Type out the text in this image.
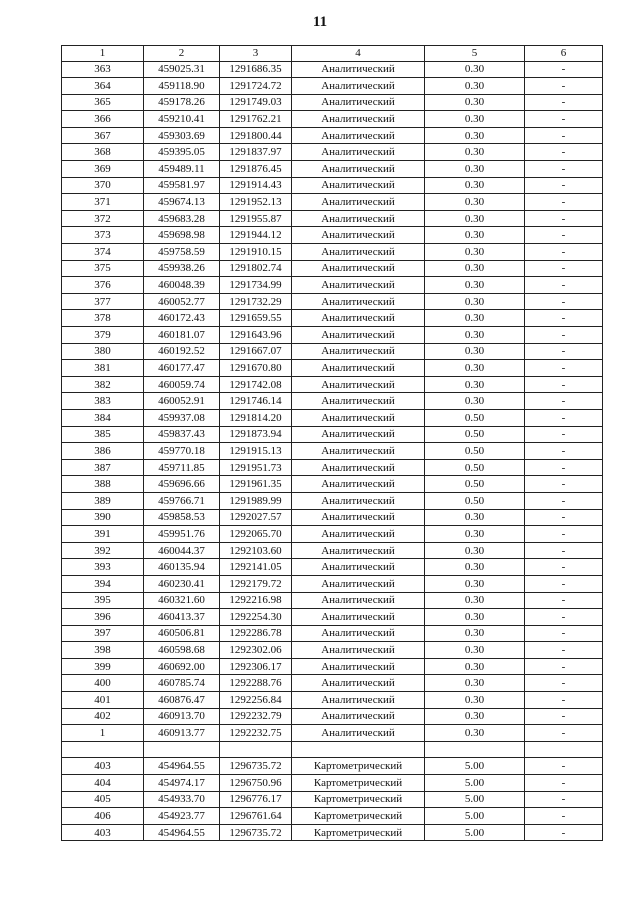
11
1	2	3	4	5	6
363	459025.31	1291686.35	Аналитический	0.30	-
364	459118.90	1291724.72	Аналитический	0.30	-
365	459178.26	1291749.03	Аналитический	0.30	-
366	459210.41	1291762.21	Аналитический	0.30	-
367	459303.69	1291800.44	Аналитический	0.30	-
368	459395.05	1291837.97	Аналитический	0.30	-
369	459489.11	1291876.45	Аналитический	0.30	-
370	459581.97	1291914.43	Аналитический	0.30	-
371	459674.13	1291952.13	Аналитический	0.30	-
372	459683.28	1291955.87	Аналитический	0.30	-
373	459698.98	1291944.12	Аналитический	0.30	-
374	459758.59	1291910.15	Аналитический	0.30	-
375	459938.26	1291802.74	Аналитический	0.30	-
376	460048.39	1291734.99	Аналитический	0.30	-
377	460052.77	1291732.29	Аналитический	0.30	-
378	460172.43	1291659.55	Аналитический	0.30	-
379	460181.07	1291643.96	Аналитический	0.30	-
380	460192.52	1291667.07	Аналитический	0.30	-
381	460177.47	1291670.80	Аналитический	0.30	-
382	460059.74	1291742.08	Аналитический	0.30	-
383	460052.91	1291746.14	Аналитический	0.30	-
384	459937.08	1291814.20	Аналитический	0.50	-
385	459837.43	1291873.94	Аналитический	0.50	-
386	459770.18	1291915.13	Аналитический	0.50	-
387	459711.85	1291951.73	Аналитический	0.50	-
388	459696.66	1291961.35	Аналитический	0.50	-
389	459766.71	1291989.99	Аналитический	0.50	-
390	459858.53	1292027.57	Аналитический	0.30	-
391	459951.76	1292065.70	Аналитический	0.30	-
392	460044.37	1292103.60	Аналитический	0.30	-
393	460135.94	1292141.05	Аналитический	0.30	-
394	460230.41	1292179.72	Аналитический	0.30	-
395	460321.60	1292216.98	Аналитический	0.30	-
396	460413.37	1292254.30	Аналитический	0.30	-
397	460506.81	1292286.78	Аналитический	0.30	-
398	460598.68	1292302.06	Аналитический	0.30	-
399	460692.00	1292306.17	Аналитический	0.30	-
400	460785.74	1292288.76	Аналитический	0.30	-
401	460876.47	1292256.84	Аналитический	0.30	-
402	460913.70	1292232.79	Аналитический	0.30	-
1	460913.77	1292232.75	Аналитический	0.30	-

403	454964.55	1296735.72	Картометрический	5.00	-
404	454974.17	1296750.96	Картометрический	5.00	-
405	454933.70	1296776.17	Картометрический	5.00	-
406	454923.77	1296761.64	Картометрический	5.00	-
403	454964.55	1296735.72	Картометрический	5.00	-
